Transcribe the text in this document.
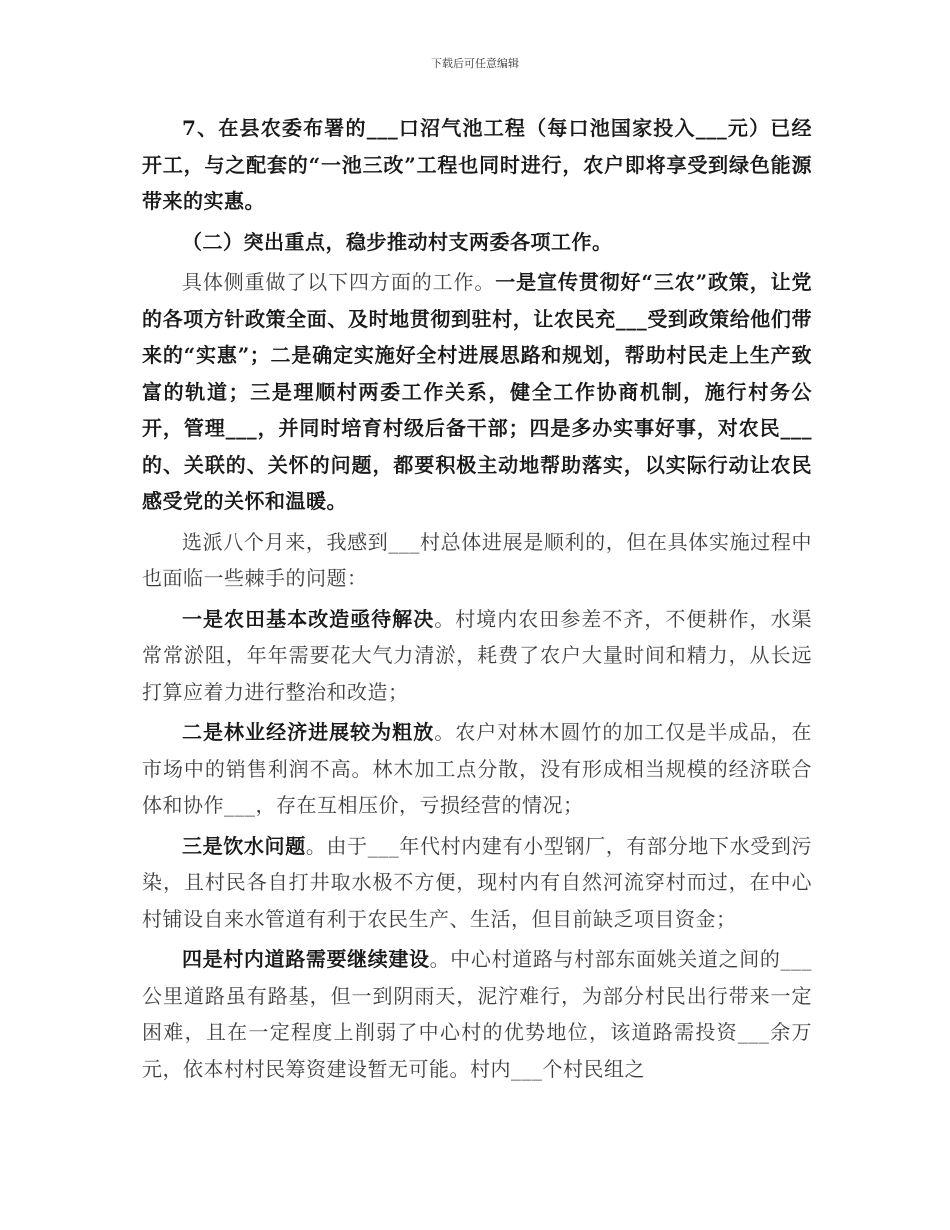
下载后可任意编辑

7、在县农委布署的___口沼气池工程（每口池国家投入___元）已经开工，与之配套的“一池三改”工程也同时进行，农户即将享受到绿色能源带来的实惠。

（二）突出重点，稳步推动村支两委各项工作。

具体侧重做了以下四方面的工作。一是宣传贯彻好“三农”政策，让党的各项方针政策全面、及时地贯彻到驻村，让农民充___受到政策给他们带来的“实惠”；二是确定实施好全村进展思路和规划，帮助村民走上生产致富的轨道；三是理顺村两委工作关系，健全工作协商机制，施行村务公开，管理___，并同时培育村级后备干部；四是多办实事好事，对农民___的、关联的、关怀的问题，都要积极主动地帮助落实，以实际行动让农民感受党的关怀和温暖。

选派八个月来，我感到___村总体进展是顺利的，但在具体实施过程中也面临一些棘手的问题：

一是农田基本改造亟待解决。村境内农田参差不齐，不便耕作，水渠常常淤阻，年年需要花大气力清淤，耗费了农户大量时间和精力，从长远打算应着力进行整治和改造；

二是林业经济进展较为粗放。农户对林木圆竹的加工仅是半成品，在市场中的销售利润不高。林木加工点分散，没有形成相当规模的经济联合体和协作___，存在互相压价，亏损经营的情况；

三是饮水问题。由于___年代村内建有小型钢厂，有部分地下水受到污染，且村民各自打井取水极不方便，现村内有自然河流穿村而过，在中心村铺设自来水管道有利于农民生产、生活，但目前缺乏项目资金；

四是村内道路需要继续建设。中心村道路与村部东面姚关道之间的___公里道路虽有路基，但一到阴雨天，泥泞难行，为部分村民出行带来一定困难，且在一定程度上削弱了中心村的优势地位，该道路需投资___余万元，依本村村民筹资建设暂无可能。村内___个村民组之
